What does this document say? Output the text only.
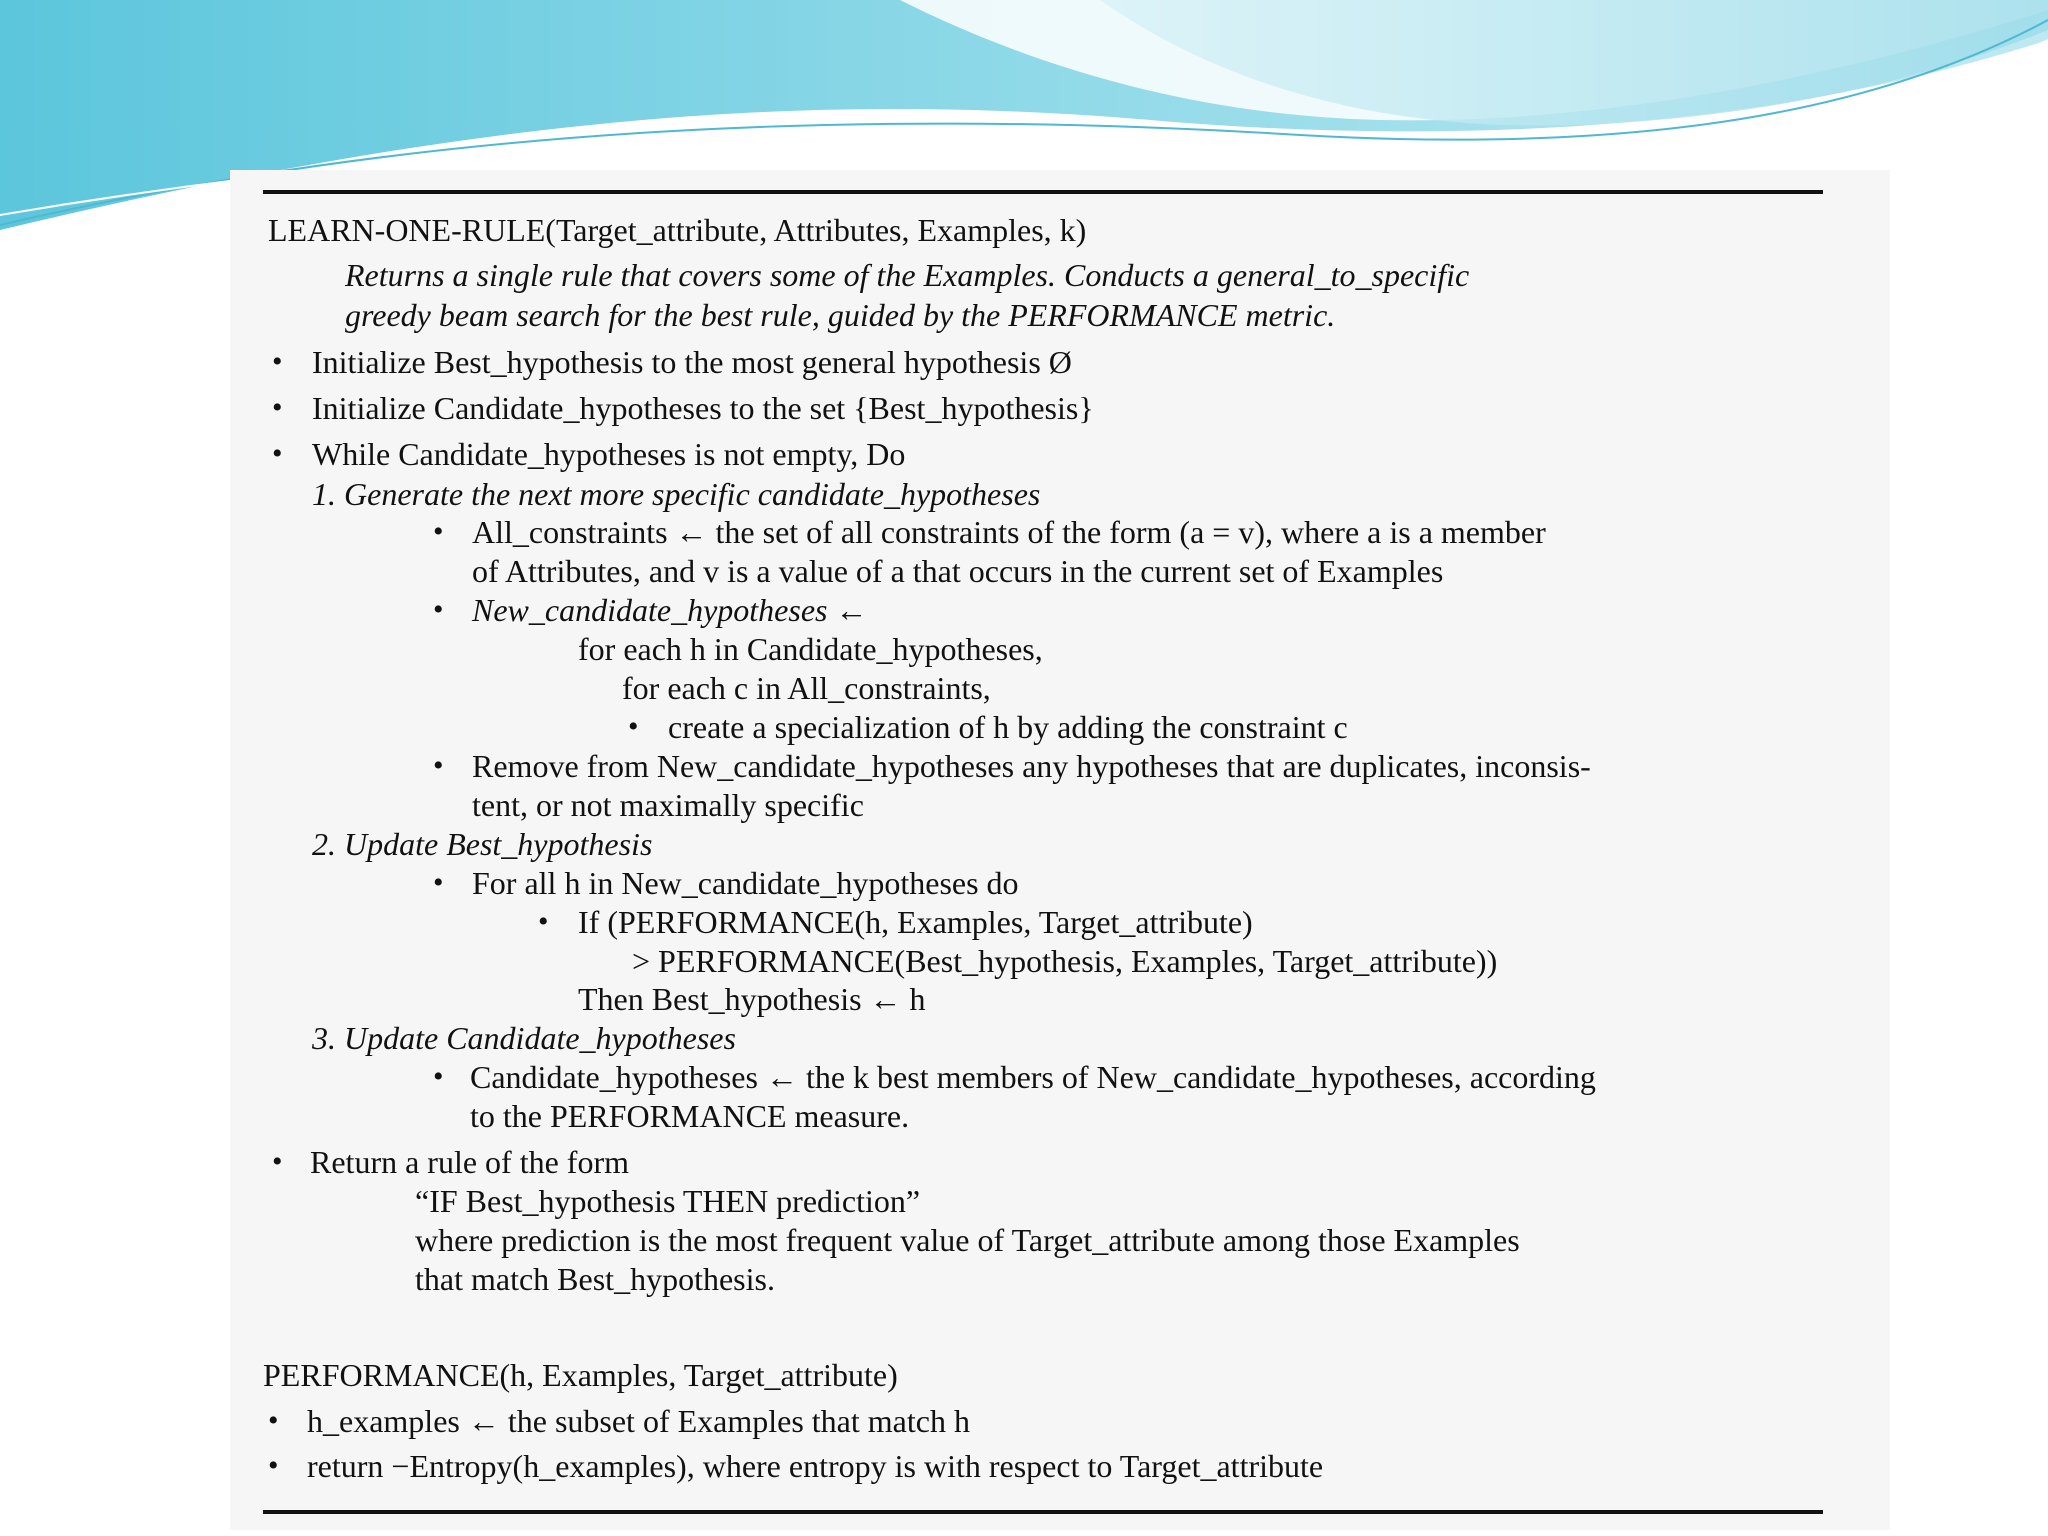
LEARN-ONE-RULE(Target_attribute, Attributes, Examples, k)
Returns a single rule that covers some of the Examples. Conducts a general_to_specific
greedy beam search for the best rule, guided by the PERFORMANCE metric.
• Initialize Best_hypothesis to the most general hypothesis Ø
• Initialize Candidate_hypotheses to the set {Best_hypothesis}
• While Candidate_hypotheses is not empty, Do
1. Generate the next more specific candidate_hypotheses
• All_constraints ← the set of all constraints of the form (a = v), where a is a member
of Attributes, and v is a value of a that occurs in the current set of Examples
• New_candidate_hypotheses ←
for each h in Candidate_hypotheses,
for each c in All_constraints,
• create a specialization of h by adding the constraint c
• Remove from New_candidate_hypotheses any hypotheses that are duplicates, inconsis-
tent, or not maximally specific
2. Update Best_hypothesis
• For all h in New_candidate_hypotheses do
• If (PERFORMANCE(h, Examples, Target_attribute)
> PERFORMANCE(Best_hypothesis, Examples, Target_attribute))
Then Best_hypothesis ← h
3. Update Candidate_hypotheses
• Candidate_hypotheses ← the k best members of New_candidate_hypotheses, according
to the PERFORMANCE measure.
• Return a rule of the form
“IF Best_hypothesis THEN prediction”
where prediction is the most frequent value of Target_attribute among those Examples
that match Best_hypothesis.
PERFORMANCE(h, Examples, Target_attribute)
• h_examples ← the subset of Examples that match h
• return −Entropy(h_examples), where entropy is with respect to Target_attribute
